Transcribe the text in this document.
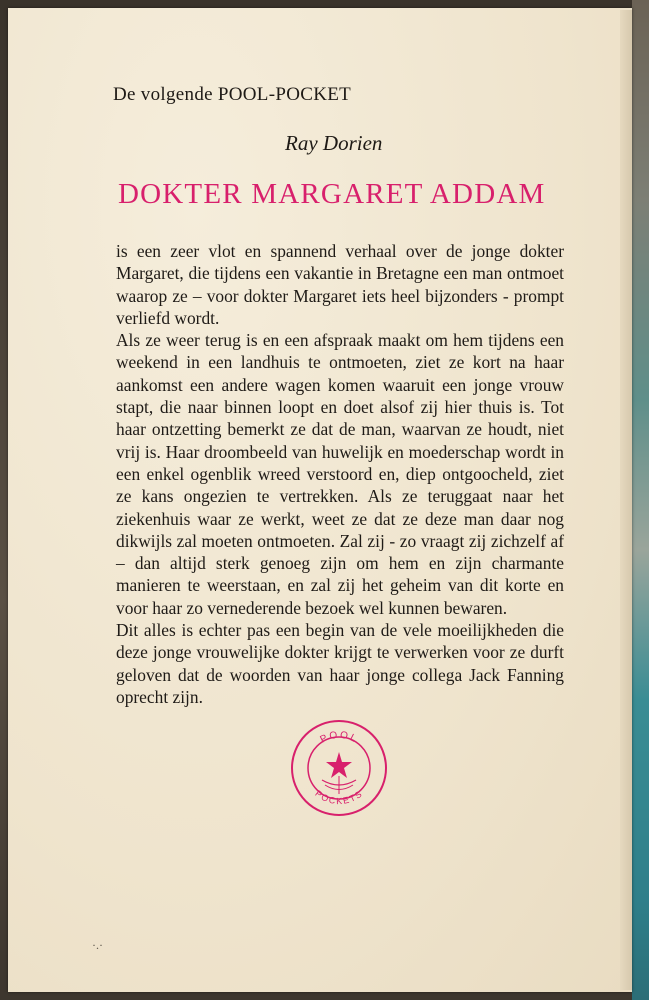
De volgende POOL-POCKET
Ray Dorien
DOKTER MARGARET ADDAM

is een zeer vlot en spannend verhaal over de jonge dokter Margaret, die tijdens een vakantie in Bretagne een man ontmoet waarop ze – voor dokter Margaret iets heel bijzonders - prompt verliefd wordt.

Als ze weer terug is en een afspraak maakt om hem tijdens een weekend in een landhuis te ontmoeten, ziet ze kort na haar aankomst een andere wagen komen waaruit een jonge vrouw stapt, die naar binnen loopt en doet alsof zij hier thuis is. Tot haar ontzetting bemerkt ze dat de man, waarvan ze houdt, niet vrij is. Haar droombeeld van huwelijk en moederschap wordt in een enkel ogenblik wreed verstoord en, diep ontgoocheld, ziet ze kans ongezien te vertrekken. Als ze teruggaat naar het ziekenhuis waar ze werkt, weet ze dat ze deze man daar nog dikwijls zal moeten ontmoeten. Zal zij - zo vraagt zij zichzelf af – dan altijd sterk genoeg zijn om hem en zijn charmante manieren te weerstaan, en zal zij het geheim van dit korte en voor haar zo vernederende bezoek wel kunnen bewaren.

Dit alles is echter pas een begin van de vele moeilijkheden die deze jonge vrouwelijke dokter krijgt te verwerken voor ze durft geloven dat de woorden van haar jonge collega Jack Fanning oprecht zijn.

POOL
POCKETS
·.·
